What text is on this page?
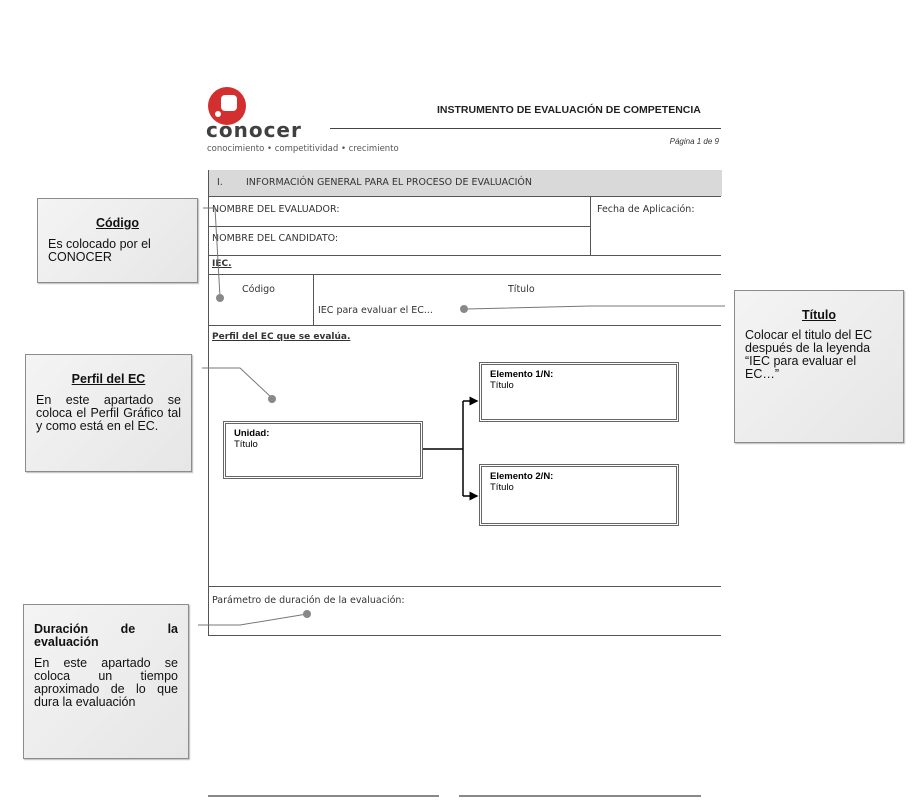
conocer
conocimiento • competitividad • crecimiento
INSTRUMENTO DE EVALUACIÓN DE COMPETENCIA
Página 1 de 9
I. INFORMACIÓN GENERAL PARA EL PROCESO DE EVALUACIÓN
NOMBRE DEL EVALUADOR:
NOMBRE DEL CANDIDATO:
Fecha de Aplicación:
IEC.
Código	Título
IEC para evaluar el EC...
Perfil del EC que se evalúa.
Parámetro de duración de la evaluación:
Unidad:
Título
Elemento 1/N:
Título
Elemento 2/N:
Título
Código
Es colocado por el CONOCER
Título
Colocar el titulo del EC después de la leyenda “IEC para evaluar el EC…”
Perfil del EC
En este apartado se coloca el Perfil Gráfico tal y como está en el EC.
Duración de la evaluación
En este apartado se coloca un tiempo aproximado de lo que dura la evaluación
